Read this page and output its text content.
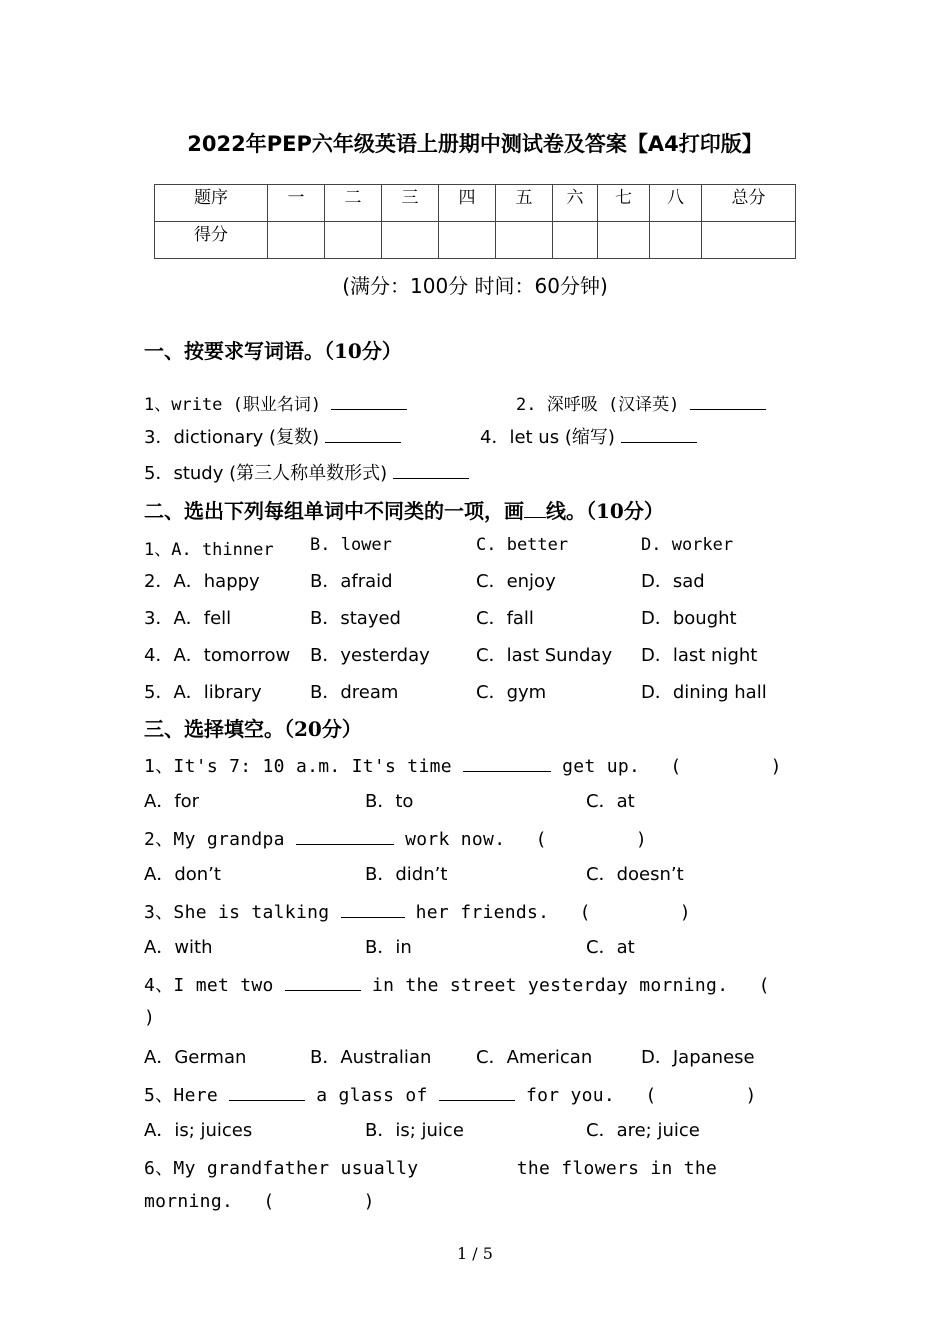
2022年PEP六年级英语上册期中测试卷及答案【A4打印版】
题序	一	二	三	四	五	六	七	八	总分
得分									
(满分：100分 时间：60分钟)
一、按要求写词语。（10分）
1、write (职业名词)	2. 深呼吸 (汉译英)
3．dictionary (复数)	4．let us (缩写)
5．study (第三人称单数形式)
二、选出下列每组单词中不同类的一项，画 线。（10分）
1、A. thinner B. lower	C. better	D. worker
2．A．happy	B．afraid	C．enjoy	D．sad
3．A．fell	B．stayed	C．fall	D．bought
4．A．tomorrow B．yesterday	C．last Sunday D．last night
5．A．library	B．dream	C．gym	D．dining hall
三、选择填空。（20分）
1、It's 7: 10 a.m. It's time	get up. (        )
A．for	B．to	C．at
2、My grandpa	work now. (        )
A．don’t	B．didn’t	C．doesn’t
3、She is talking	her friends. (        )
A．with	B．in	C．at
4、I met two	in the street yesterday morning. (
)
A．German	B．Australian C．American	D．Japanese
5、Here	a glass of	for you. (        )
A．is; juices	B．is; juice	C．are; juice
6、My grandfather usually	the flowers in the
morning. (        )
1 / 5
